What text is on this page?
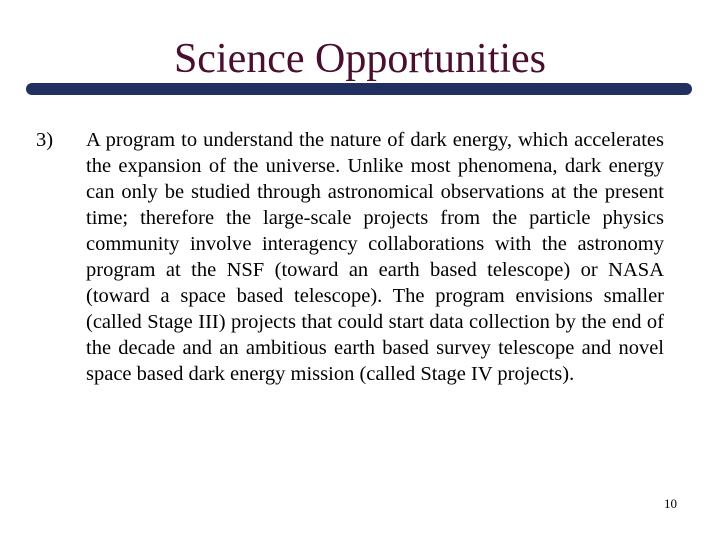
Science Opportunities
3) A program to understand the nature of dark energy, which accelerates the expansion of the universe. Unlike most phenomena, dark energy can only be studied through astronomical observations at the present time; therefore the large-scale projects from the particle physics community involve interagency collaborations with the astronomy program at the NSF (toward an earth based telescope) or NASA (toward a space based telescope). The program envisions smaller (called Stage III) projects that could start data collection by the end of the decade and an ambitious earth based survey telescope and novel space based dark energy mission (called Stage IV projects).
10
